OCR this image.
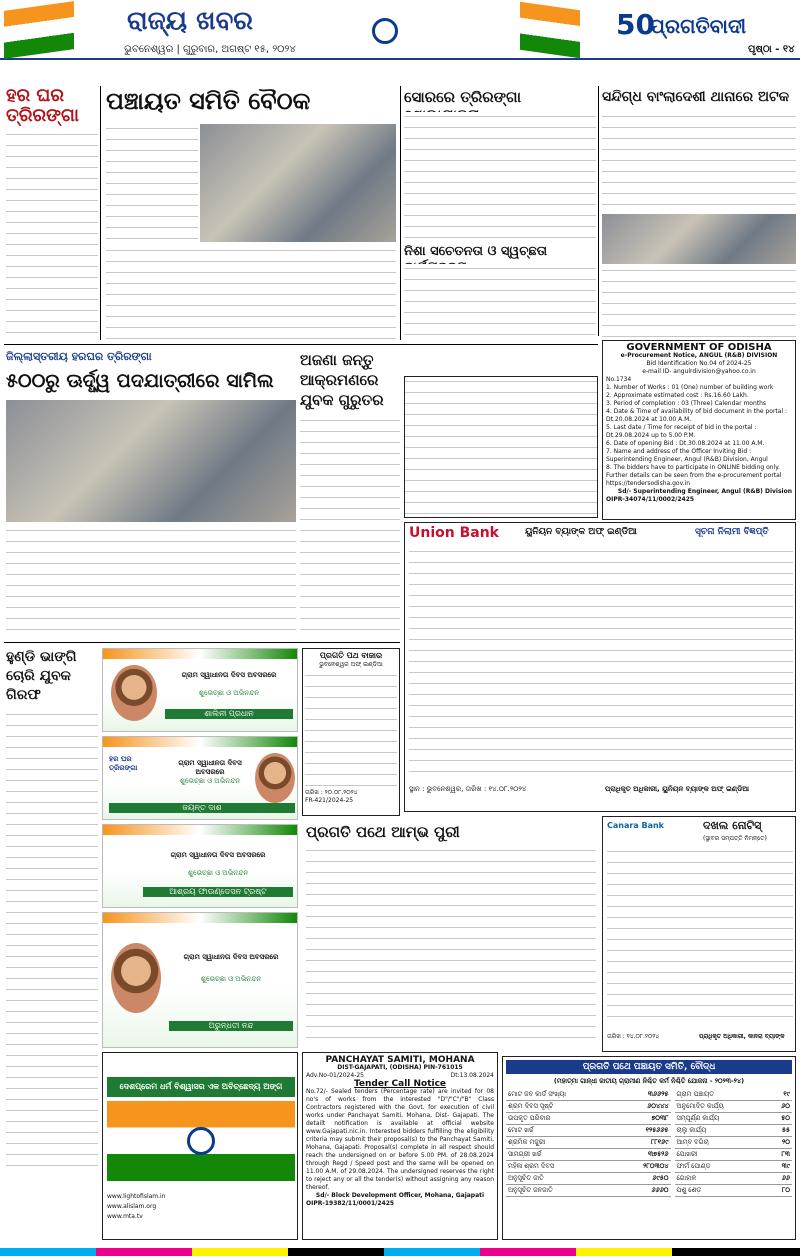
ରାଜ୍ୟ ଖବର
ଭୁବନେଶ୍ୱର | ଗୁରୁବାର, ଅଗଷ୍ଟ ୧୫, ୨୦୨୪
50
ପ୍ରଗତିବାଦୀ
ପୃଷ୍ଠା - ୧୪
ହର ଘର ତ୍ରିରଙ୍ଗା
ପଞ୍ଚାୟତ ସମିତି ବୈଠକ	ସୋରରେ ତ୍ରିରଙ୍ଗା	ସନ୍ଦିଗ୍ଧ ବାଂଲାଦେଶୀ ଥାନାରେ ଅଟକ
ନିଶା ସଚେତନତା ଓ ସ୍ୱଚ୍ଛତା
GOVERNMENT OF ODISHA
e-Procurement Notice, ANGUL (R&B) DIVISION
Bid Identification No.04 of 2024-25
e-mail ID- angulrdivision@yahoo.co.in
No.1734
1. Number of Works : 01 (One) number of building work
2. Approximate estimated cost : Rs.16.60 Lakh.
3. Period of completion : 03 (Three) Calendar months
4. Date & Time of availability of bid document in the portal : Dt.20.08.2024 at 10.00 A.M.
5. Last date / Time for receipt of bid in the portal : Dt.29.08.2024 up to 5.00 P.M.
6. Date of opening Bid : Dt.30.08.2024 at 11.00 A.M.
7. Name and address of the Officer Inviting Bid : Superintending Engineer, Angul (R&B) Division, Angul
8. The bidders have to participate in ONLINE bidding only.
Further details can be seen from the e-procurement portal https://tendersodisha.gov.in
Sd/- Superintending Engineer, Angul (R&B) Division
OIPR-34074/11/0002/2425
ଜିଲ୍ଲାସ୍ତରୀୟ ହରଘର ତ୍ରିରଙ୍ଗା
୫୦୦ରୁ ଊର୍ଦ୍ଧ୍ୱ ପଦଯାତ୍ରୀରେ ସାମିଲ
ଅଜଣା ଜନ୍ତୁ ଆକ୍ରମଣରେ ଯୁବକ ଗୁରୁତର
Union Bank	ୟୁନିୟନ ବ୍ୟାଙ୍କ ଅଫ୍ ଇଣ୍ଡିଆ	ସୂଚନା ନିଲାମୀ ବିଜ୍ଞପ୍ତି
ସ୍ଥାନ : ଭୁବନେଶ୍ୱର, ତାରିଖ : ୧୪.୦୮.୨୦୨୪	ପ୍ରାଧିକୃତ ଅଧିକାରୀ, ୟୁନିୟନ ବ୍ୟାଙ୍କ ଅଫ୍ ଇଣ୍ଡିଆ
ହୁଣ୍ଡି ଭାଙ୍ଗି ଚୋରି ଯୁବକ ଗିରଫ
ଗ୍ରାମ ସ୍ୱାଧୀନତା ଦିବସ ଅବସରରେ
ଶୁଭେଚ୍ଛା ଓ ଅଭିନନ୍ଦନ
ଶାଲିନୀ ପ୍ରଧାନ
ହର ଘର ତ୍ରିରଙ୍ଗା
ଗ୍ରାମ ସ୍ୱାଧୀନତା ଦିବସ ଅବସରରେ
ଶୁଭେଚ୍ଛା ଓ ଅଭିନନ୍ଦନ
ଜୟନ୍ତ ଦାଶ
ଗ୍ରାମ ସ୍ୱାଧୀନତା ଦିବସ ଅବସରରେ
ଶୁଭେଚ୍ଛା ଓ ଅଭିନନ୍ଦନ
ଆଶ୍ରୟ ଫାଉଣ୍ଡେସନ ଟ୍ରଷ୍ଟ
ଗ୍ରାମ ସ୍ୱାଧୀନତା ଦିବସ ଅବସରରେ
ଶୁଭେଚ୍ଛା ଓ ଅଭିନନ୍ଦନ
ଅରୁନ୍ଧତୀ ନନ୍ଦ
ପ୍ରଗତି ପଥ ବାଜାର
ଭୁବନେଶ୍ୱର ଅଫ୍ ଇଣ୍ଡିଆ
ତାରିଖ : ୨୦.୦୮.୨୦୨୪
FR-421/2024-25
ପ୍ରଗତି ପଥେ ଆମ୍ଭ ପୁରୀ	Canara Bank	ଦଖଲ ନୋଟିସ୍
(ସ୍ଥାବର ସମ୍ପତ୍ତି ନିମନ୍ତେ)
ତାରିଖ : ୧୪.୦୮.୨୦୨୪	ପ୍ରାଧିକୃତ ଅଧିକାରୀ, କାନରା ବ୍ୟାଙ୍କ
ଦେଶପ୍ରେମ ଧର୍ମ ବିଶ୍ୱାସର ଏକ ଅବିଚ୍ଛେଦ୍ୟ ଅଙ୍ଗ
www.lightofislam.in
www.alislam.org
www.mta.tv
PANCHAYAT SAMITI, MOHANA
DIST-GAJAPATI, (ODISHA) PIN-761015
Adv.No-01/2024-25	Dt:13.08.2024
Tender Call Notice
No.72/- Sealed tenders (Percentage rate) are invited for 08 no's of works from the interested "D"/"C"/"B" Class Contractors registered with the Govt. for execution of civil works under Panchayat Samiti, Mohana, Dist- Gajapati. The detailt notification is available at official website www.Gajapati.nic.in. Interested bidders fulfilling the eligibility criteria may submit their proposal(s) to the Panchayat Samiti, Mohana, Gajapati. Proposal(s) complete in all respect should reach the undersigned on or before 5.00 PM. of 28.08.2024 through Regd / Speed post and the same will be opened on 11.00 A.M. of 29.08.2024. The undersigned reserves the right to reject any or all the tender(s) without assigning any reason thereof.
Sd/- Block Development Officer, Mohana, Gajapati
OIPR-19382/11/0001/2425
ପ୍ରଗତି ପଥେ ପଞ୍ଚାୟତ ସମିତି, ବୌଦ୍ଧ
(ମହାତ୍ମା ଗାନ୍ଧୀ ଜାତୀୟ ଗ୍ରାମୀଣ ନିଶ୍ଚିତ କର୍ମ ନିଶ୍ଚିତି ଯୋଜନା - ୨୦୨୩-୨୪)
ମୋଟ ଜବ କାର୍ଡ ସଂଖ୍ୟା	୩୬୬୨୫
ଶ୍ରମ ଦିବସ ସୃଷ୍ଟି	୬୦୪୪୪
ଉପକୃତ ପରିବାର	୭୦୩୮
ମୋଟ ଖର୍ଚ୍ଚ	୧୨୫୬୬୫
ଶ୍ରମିକ ମଜୁରୀ	୮୮୧୬୯
ସାମଗ୍ରୀ ଖର୍ଚ୍ଚ	୩୭୫୨୬
ମହିଳା ଶ୍ରମ ଦିବସ	୨୮୦୩୦୪
ଅନୁସୂଚିତ ଜାତି	୬୯୫୦
ଅନୁସୂଚିତ ଜନଜାତି	୬୬୬୦
ଗ୍ରାମ ପଞ୍ଚାୟତ	୧୯
ଅନୁମୋଦିତ କାର୍ଯ୍ୟ	୬୦
ସମ୍ପୂର୍ଣ୍ଣ କାର୍ଯ୍ୟ	୫୦
ଚାଲୁ କାର୍ଯ୍ୟ	୫୫
ଆମ୍ବ ବଗିଚା	୨୦
ପୋଖରୀ	୮୩
ଫାର୍ମ ପୋଣ୍ଡ	୩୯
ଗୋହାଳ	୬୬
ପଶୁ ଶେଡ଼	୮୦
